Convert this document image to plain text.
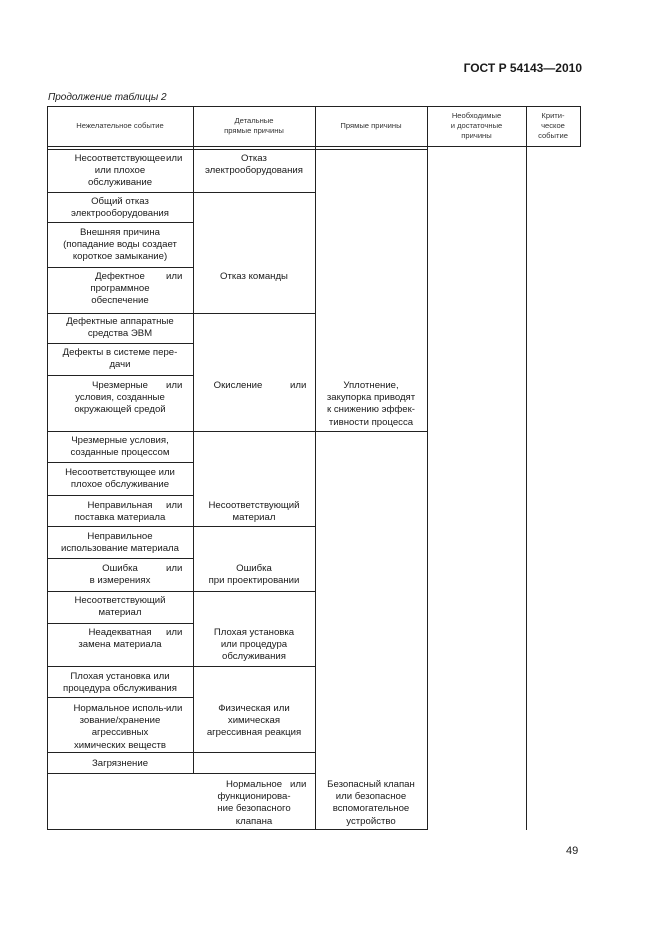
ГОСТ Р 54143—2010
Продолжение таблицы 2
Нежелательное событие
Детальные
прямые причины
Прямые причины
Необходимые
и достаточные
причины
Крити-
ческое
событие
Несоответствующее
или плохое
обслуживание
Общий отказ
электрооборудования
Внешняя причина
(попадание воды создает
короткое замыкание)
Дефектное
программное
обеспечение
Дефектные аппаратные
средства ЭВМ
Дефекты в системе пере-
дачи
Чрезмерные
условия, созданные
окружающей средой
Чрезмерные условия,
созданные процессом
Несоответствующее или
плохое обслуживание
Неправильная
поставка материала
Неправильное
использование материала
Ошибка
в измерениях
Несоответствующий
материал
Неадекватная
замена материала
Плохая установка или
процедура обслуживания
Нормальное исполь-
зование/хранение
агрессивных
химических веществ
Загрязнение
или
или
или
или
или
или
или
Отказ
электрооборудования
Отказ команды
Окисление
Несоответствующий
материал
Ошибка
при проектировании
Плохая установка
или процедура
обслуживания
Физическая или
химическая
агрессивная реакция
Нормальное
функционирова-
ние безопасного
клапана
или
или
Уплотнение,
закупорка приводят
к снижению эффек-
тивности процесса
Безопасный клапан
или безопасное
вспомогательное
устройство
49
